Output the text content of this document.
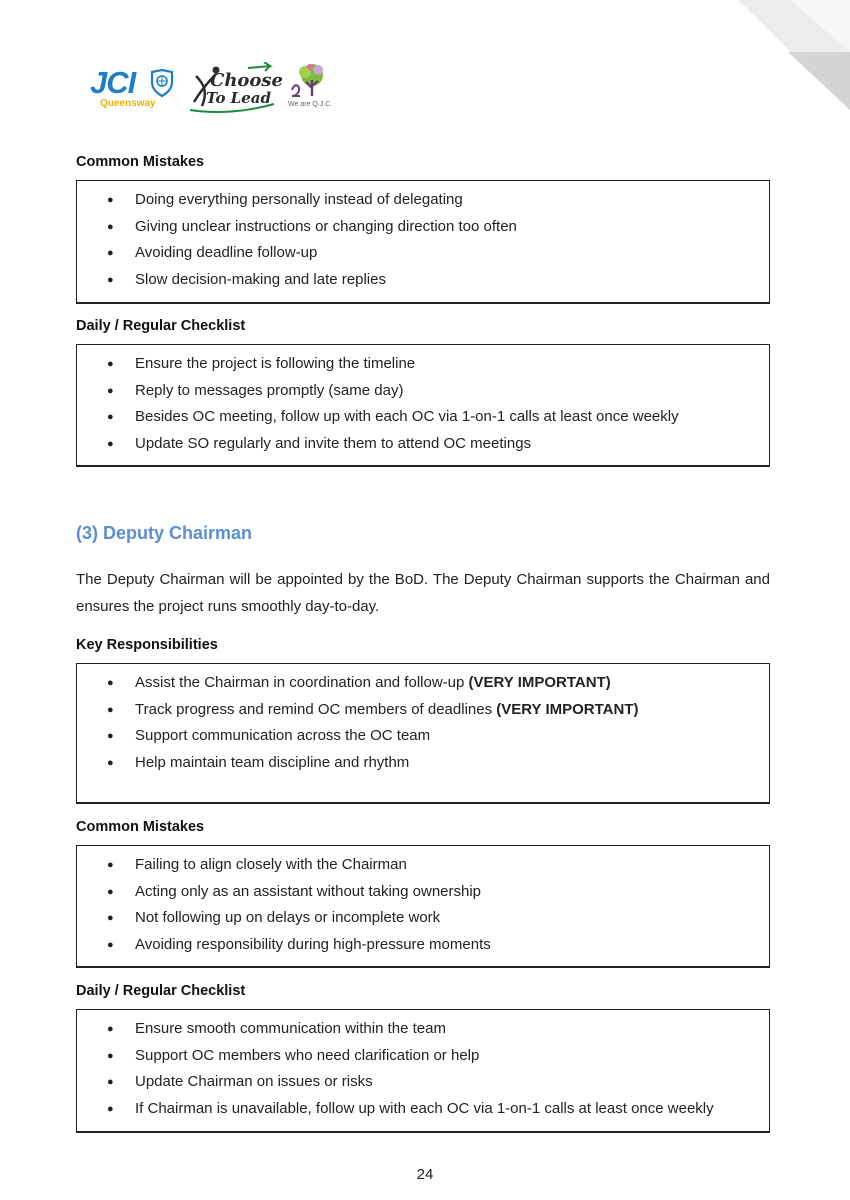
JCI
Queensway
Choose
To Lead We are Q.J.C.
Common Mistakes
● Doing everything personally instead of delegating
● Giving unclear instructions or changing direction too often
● Avoiding deadline follow-up
● Slow decision-making and late replies
Daily / Regular Checklist
● Ensure the project is following the timeline
● Reply to messages promptly (same day)
● Besides OC meeting, follow up with each OC via 1-on-1 calls at least once weekly
● Update SO regularly and invite them to attend OC meetings
(3) Deputy Chairman
The Deputy Chairman will be appointed by the BoD. The Deputy Chairman supports the Chairman and ensures the project runs smoothly day-to-day.
Key Responsibilities
● Assist the Chairman in coordination and follow-up (VERY IMPORTANT)
● Track progress and remind OC members of deadlines (VERY IMPORTANT)
● Support communication across the OC team
● Help maintain team discipline and rhythm
Common Mistakes
● Failing to align closely with the Chairman
● Acting only as an assistant without taking ownership
● Not following up on delays or incomplete work
● Avoiding responsibility during high-pressure moments
Daily / Regular Checklist
● Ensure smooth communication within the team
● Support OC members who need clarification or help
● Update Chairman on issues or risks
● If Chairman is unavailable, follow up with each OC via 1-on-1 calls at least once weekly
24
